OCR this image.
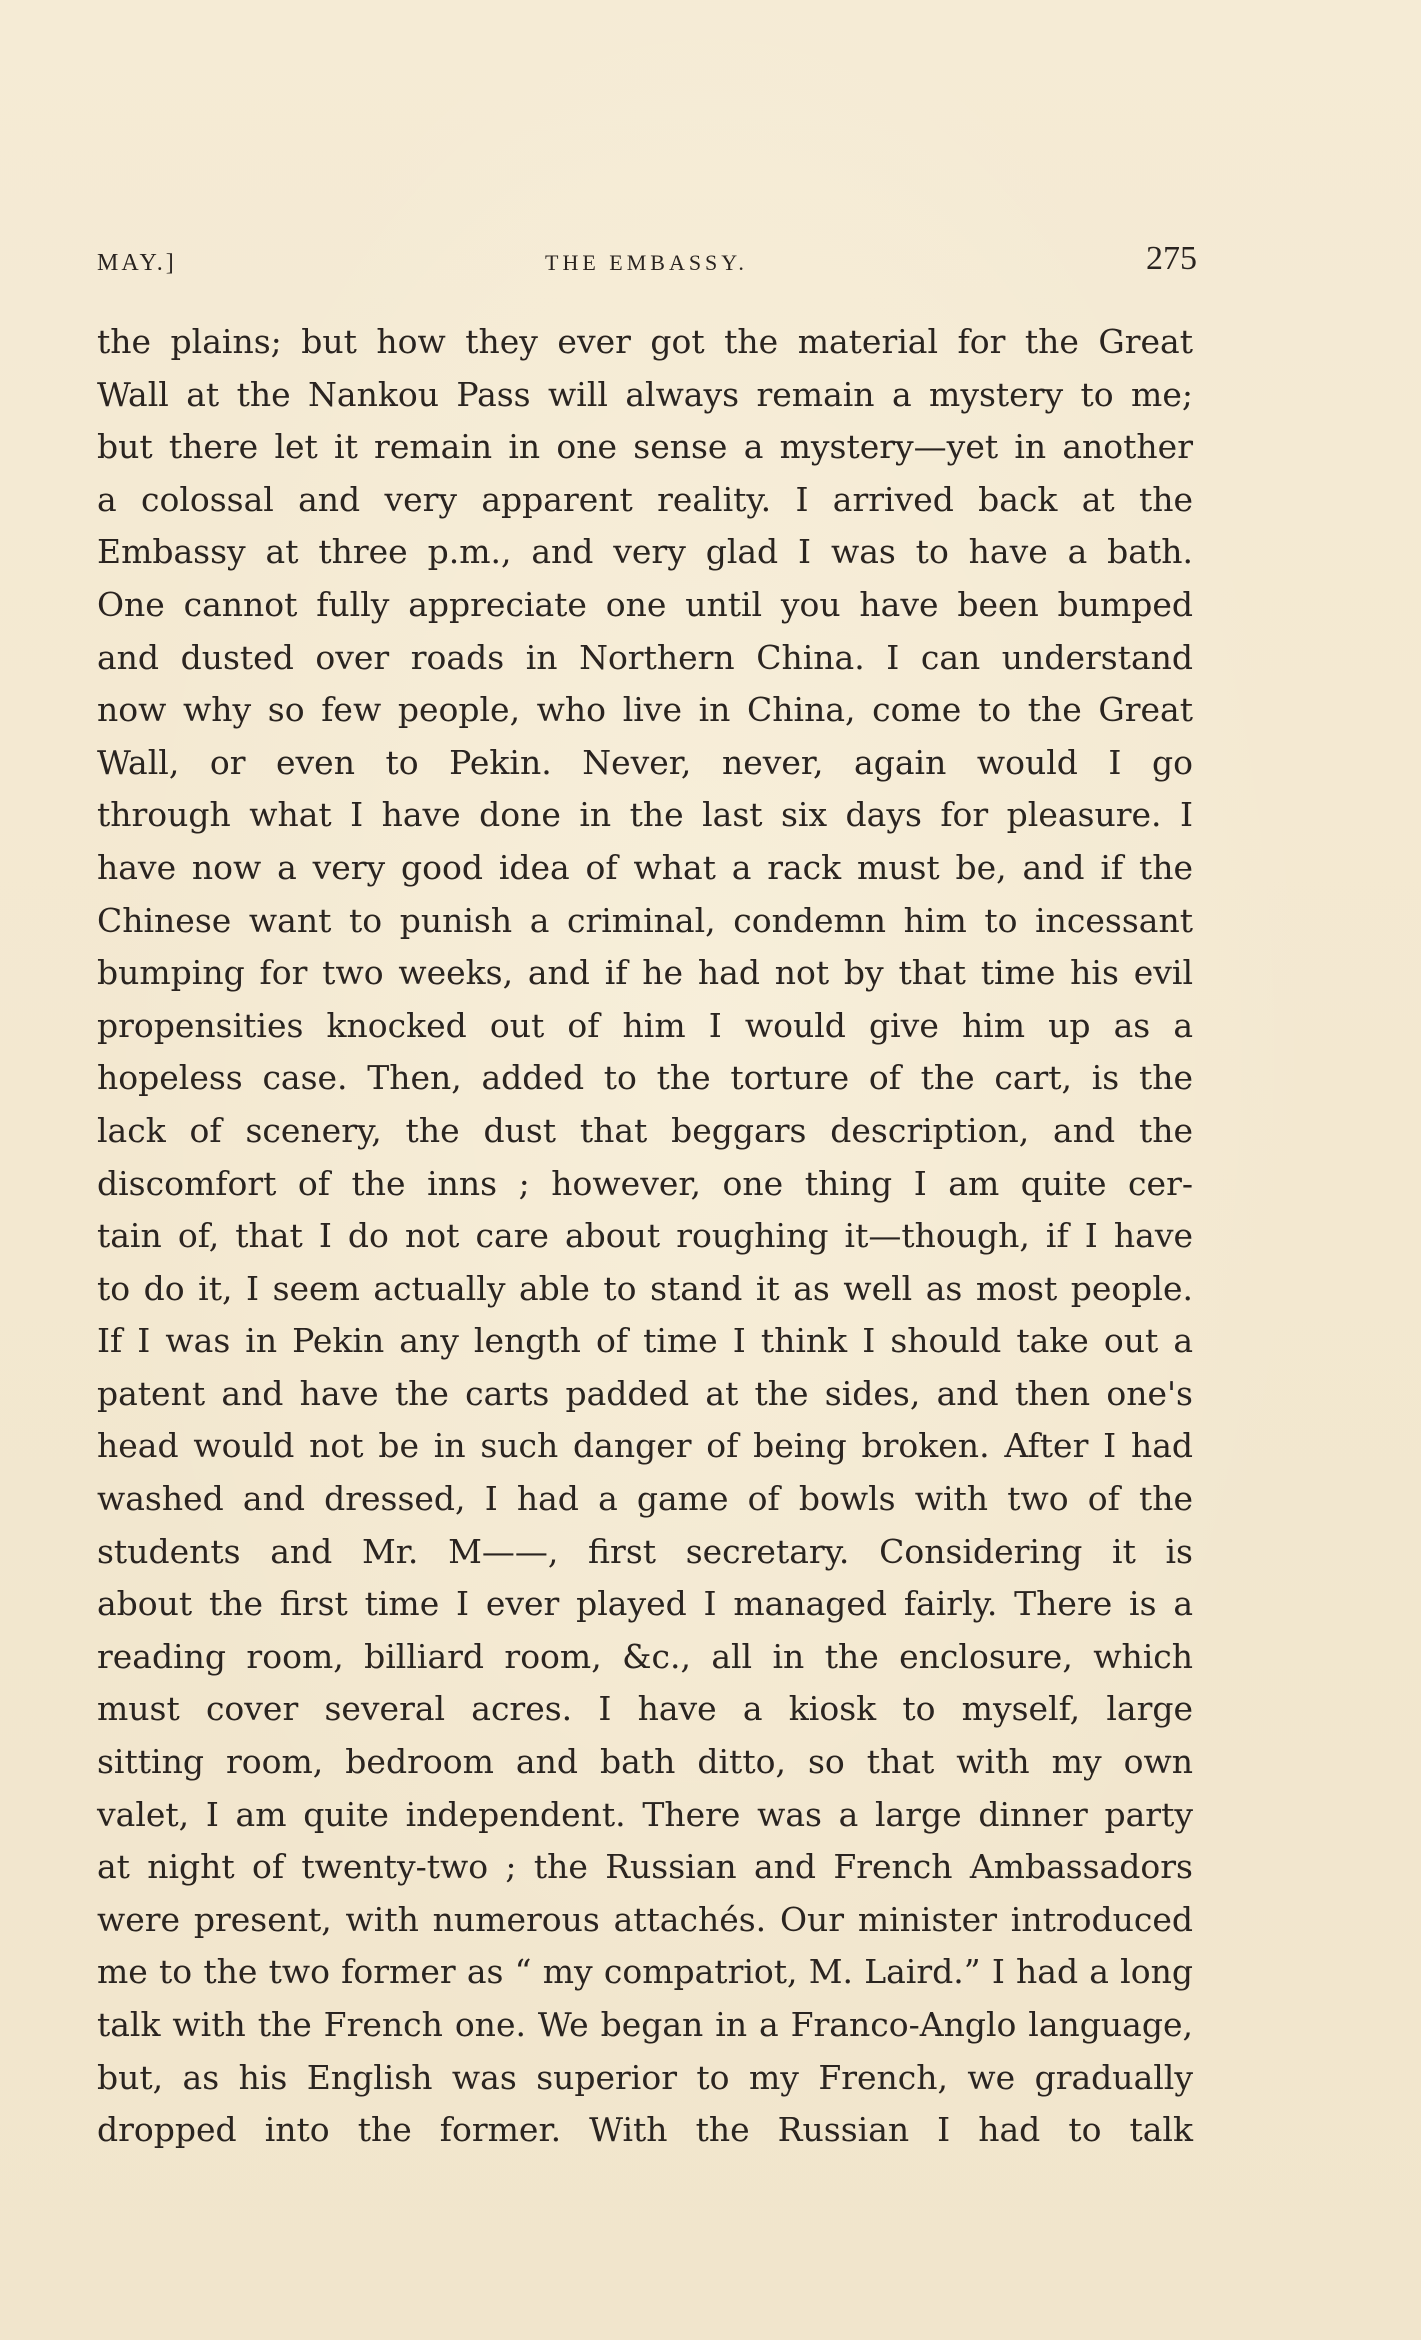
MAY.]	THE EMBASSY.	275
the plains; but how they ever got the material for the Great
Wall at the Nankou Pass will always remain a mystery to me;
but there let it remain in one sense a mystery—yet in another
a colossal and very apparent reality. I arrived back at the
Embassy at three p.m., and very glad I was to have a bath.
One cannot fully appreciate one until you have been bumped
and dusted over roads in Northern China. I can understand
now why so few people, who live in China, come to the Great
Wall, or even to Pekin. Never, never, again would I go
through what I have done in the last six days for pleasure. I
have now a very good idea of what a rack must be, and if the
Chinese want to punish a criminal, condemn him to incessant
bumping for two weeks, and if he had not by that time his evil
propensities knocked out of him I would give him up as a
hopeless case. Then, added to the torture of the cart, is the
lack of scenery, the dust that beggars description, and the
discomfort of the inns ; however, one thing I am quite cer-
tain of, that I do not care about roughing it—though, if I have
to do it, I seem actually able to stand it as well as most people.
If I was in Pekin any length of time I think I should take out a
patent and have the carts padded at the sides, and then one's
head would not be in such danger of being broken. After I had
washed and dressed, I had a game of bowls with two of the
students and Mr. M——, first secretary. Considering it is
about the first time I ever played I managed fairly. There is a
reading room, billiard room, &c., all in the enclosure, which
must cover several acres. I have a kiosk to myself, large
sitting room, bedroom and bath ditto, so that with my own
valet, I am quite independent. There was a large dinner party
at night of twenty-two ; the Russian and French Ambassadors
were present, with numerous attachés. Our minister introduced
me to the two former as “ my compatriot, M. Laird.” I had a long
talk with the French one. We began in a Franco-Anglo language,
but, as his English was superior to my French, we gradually
dropped into the former. With the Russian I had to talk
